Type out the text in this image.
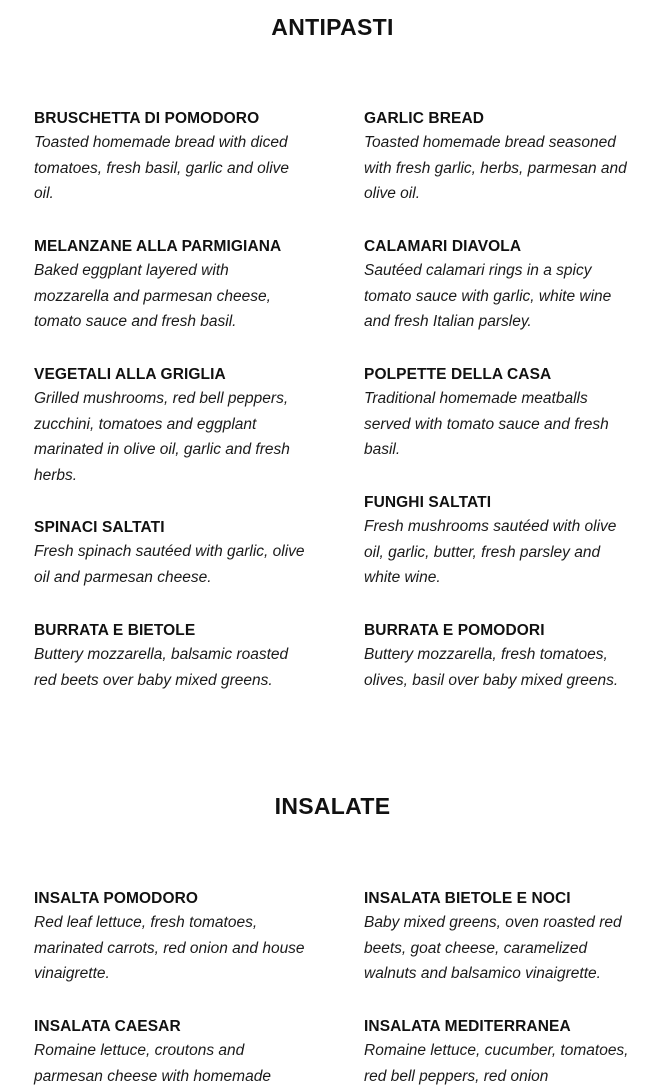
ANTIPASTI

BRUSCHETTA DI POMODORO

Toasted homemade bread with diced tomatoes, fresh basil, garlic and olive oil.

GARLIC BREAD

Toasted homemade bread seasoned with fresh garlic, herbs, parmesan and olive oil.

MELANZANE ALLA PARMIGIANA

Baked eggplant layered with mozzarella and parmesan cheese, tomato sauce and fresh basil.

CALAMARI DIAVOLA

Sautéed calamari rings in a spicy tomato sauce with garlic, white wine and fresh Italian parsley.

VEGETALI ALLA GRIGLIA

Grilled mushrooms, red bell peppers, zucchini, tomatoes and eggplant marinated in olive oil, garlic and fresh herbs.

POLPETTE DELLA CASA

Traditional homemade meatballs served with tomato sauce and fresh basil.

SPINACI SALTATI

Fresh spinach sautéed with garlic, olive oil and parmesan cheese.

FUNGHI SALTATI

Fresh mushrooms sautéed with olive oil, garlic, butter, fresh parsley and white wine.

BURRATA E BIETOLE

Buttery mozzarella, balsamic roasted red beets over baby mixed greens.

BURRATA E POMODORI

Buttery mozzarella, fresh tomatoes, olives, basil over baby mixed greens.

INSALATE

INSALTA POMODORO

Red leaf lettuce, fresh tomatoes, marinated carrots, red onion and house vinaigrette.

INSALATA BIETOLE E NOCI

Baby mixed greens, oven roasted red beets, goat cheese, caramelized walnuts and balsamico vinaigrette.

INSALATA CAESAR

Romaine lettuce, croutons and parmesan cheese with homemade

INSALATA MEDITERRANEA

Romaine lettuce, cucumber, tomatoes, red bell peppers, red onion
